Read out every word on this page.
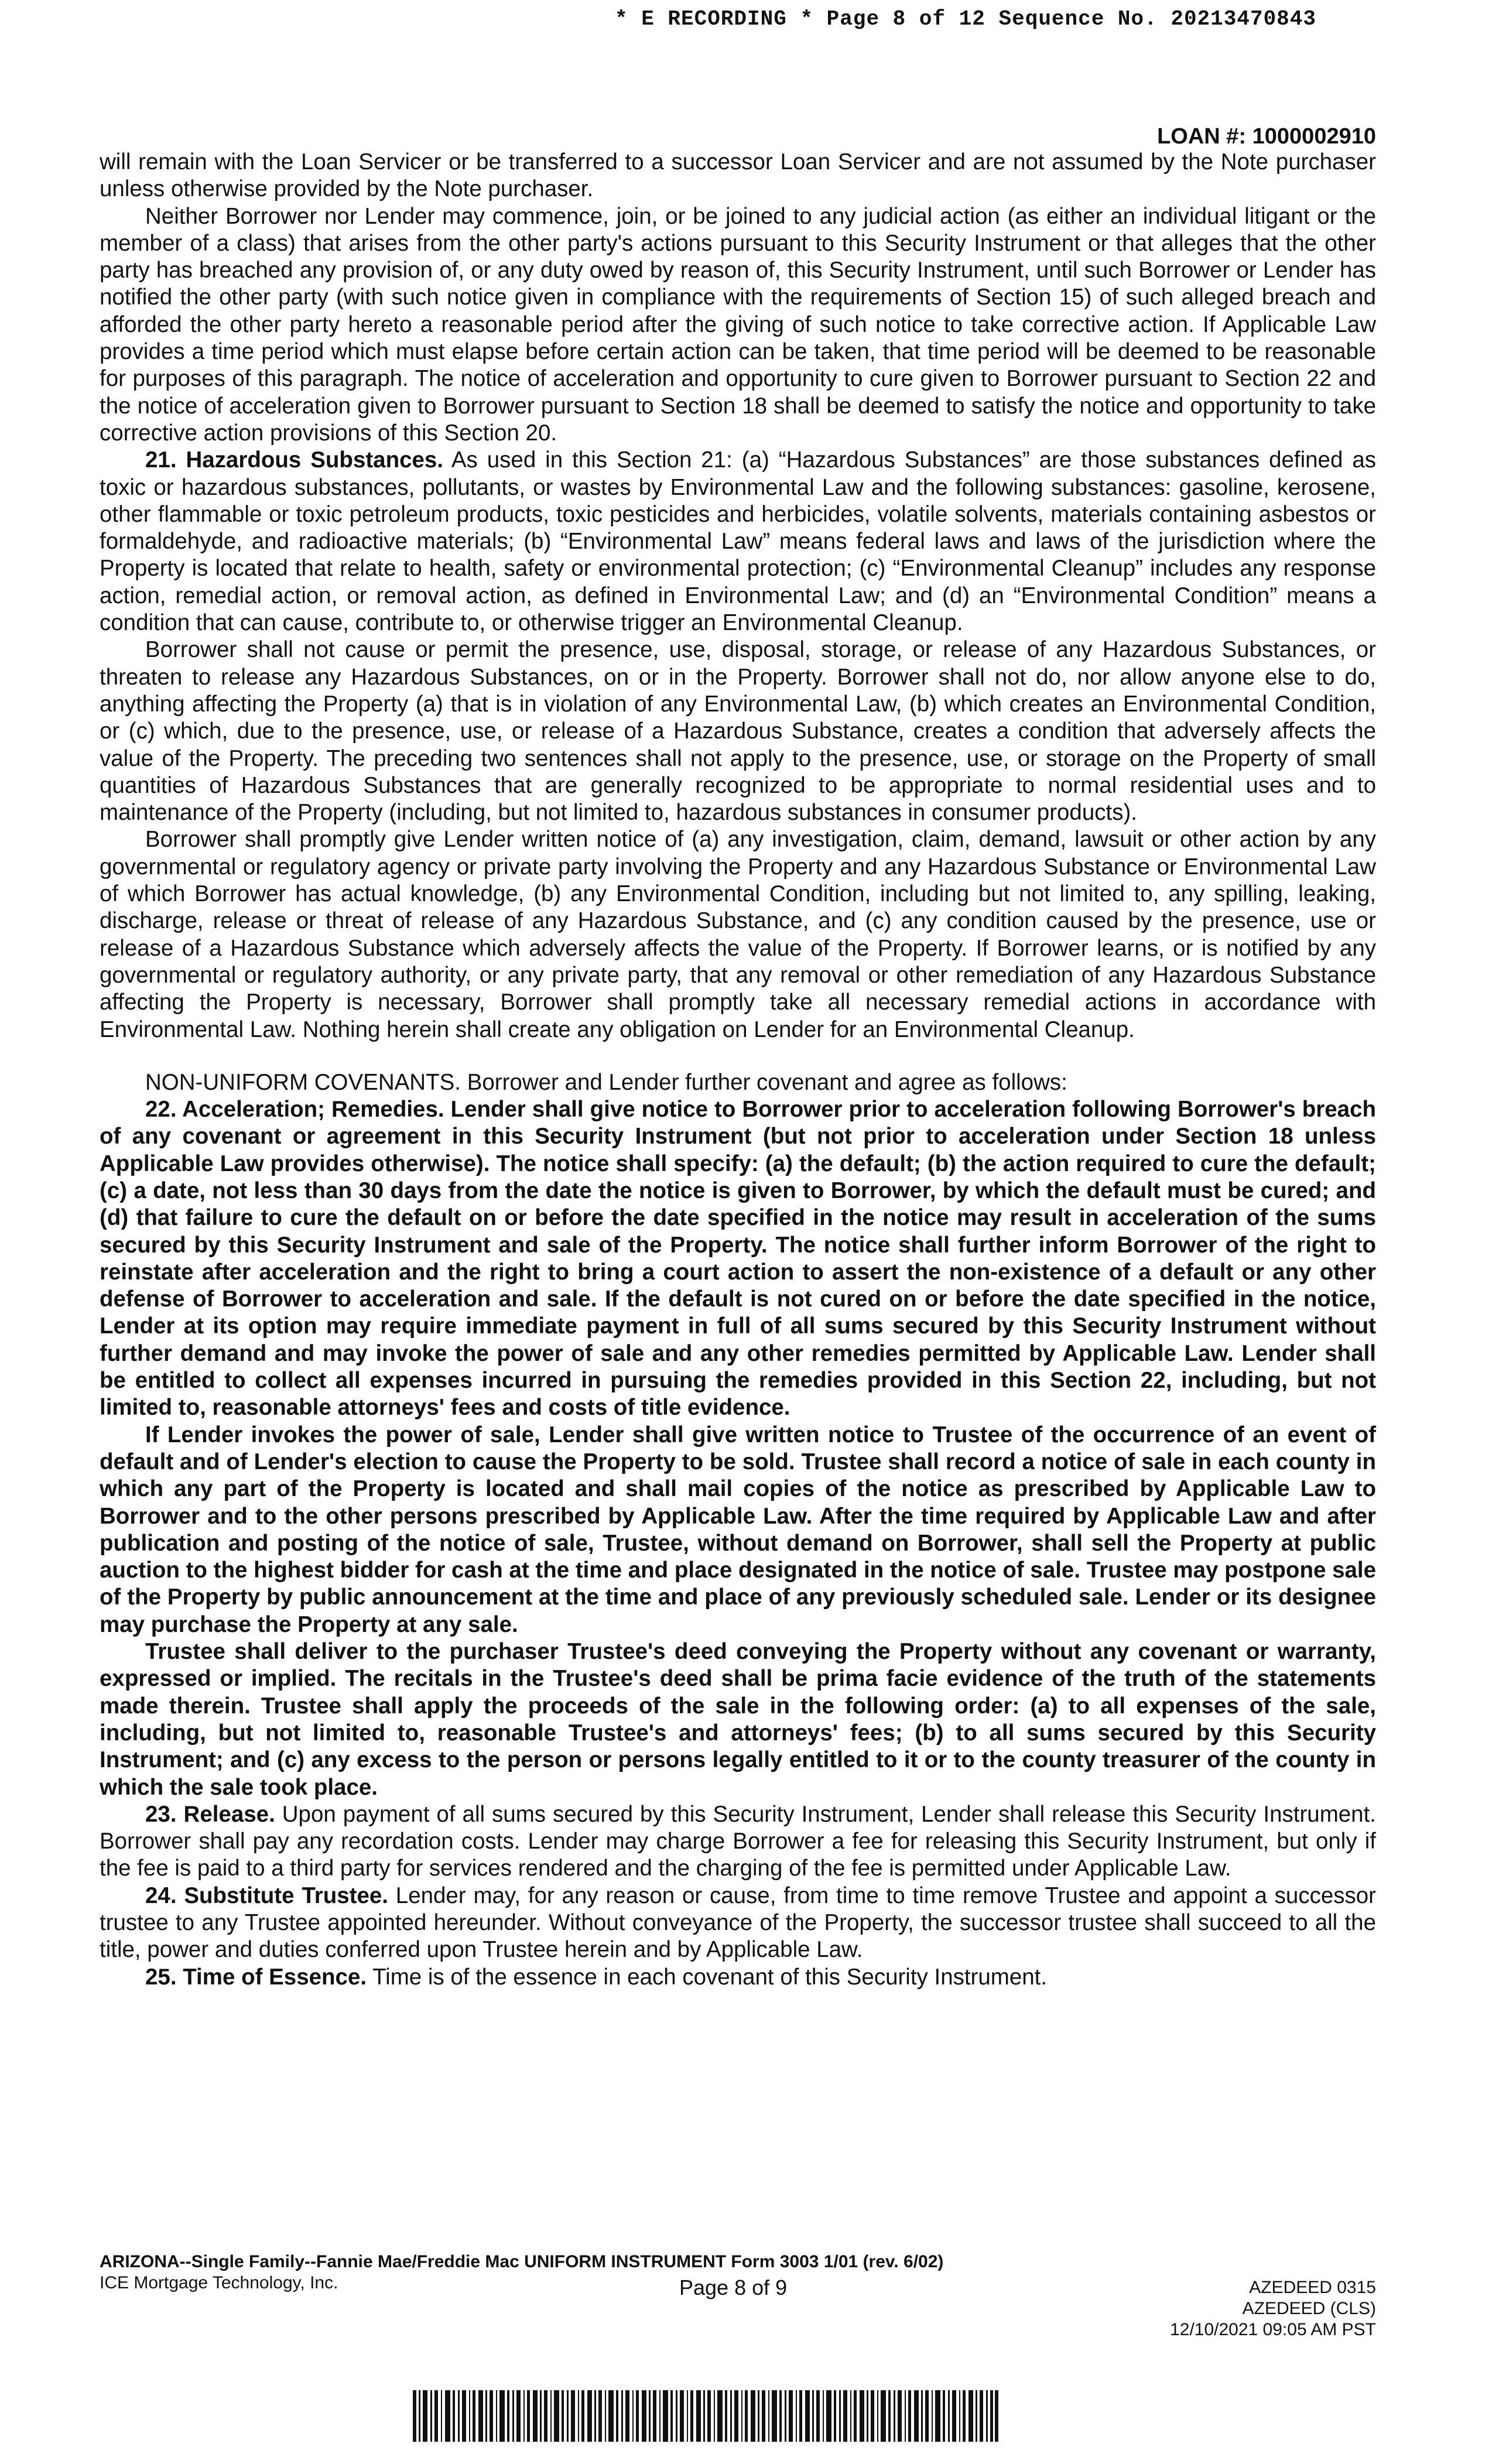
* E RECORDING * Page 8 of 12 Sequence No. 20213470843
LOAN #: 1000002910

will remain with the Loan Servicer or be transferred to a successor Loan Servicer and are not assumed by the Note purchaser unless otherwise provided by the Note purchaser.

Neither Borrower nor Lender may commence, join, or be joined to any judicial action (as either an individual litigant or the member of a class) that arises from the other party's actions pursuant to this Security Instrument or that alleges that the other party has breached any provision of, or any duty owed by reason of, this Security Instrument, until such Borrower or Lender has notified the other party (with such notice given in compliance with the requirements of Section 15) of such alleged breach and afforded the other party hereto a reasonable period after the giving of such notice to take corrective action. If Applicable Law provides a time period which must elapse before certain action can be taken, that time period will be deemed to be reasonable for purposes of this paragraph. The notice of acceleration and opportunity to cure given to Borrower pursuant to Section 22 and the notice of acceleration given to Borrower pursuant to Section 18 shall be deemed to satisfy the notice and opportunity to take corrective action provisions of this Section 20.

21. Hazardous Substances. As used in this Section 21: (a) “Hazardous Substances” are those substances defined as toxic or hazardous substances, pollutants, or wastes by Environmental Law and the following substances: gasoline, kerosene, other flammable or toxic petroleum products, toxic pesticides and herbicides, volatile solvents, materials containing asbestos or formaldehyde, and radioactive materials; (b) “Environmental Law” means federal laws and laws of the jurisdiction where the Property is located that relate to health, safety or environmental protection; (c) “Environmental Cleanup” includes any response action, remedial action, or removal action, as defined in Environmental Law; and (d) an “Environmental Condition” means a condition that can cause, contribute to, or otherwise trigger an Environmental Cleanup.

Borrower shall not cause or permit the presence, use, disposal, storage, or release of any Hazardous Substances, or threaten to release any Hazardous Substances, on or in the Property. Borrower shall not do, nor allow anyone else to do, anything affecting the Property (a) that is in violation of any Environmental Law, (b) which creates an Environmental Condition, or (c) which, due to the presence, use, or release of a Hazardous Substance, creates a condition that adversely affects the value of the Property. The preceding two sentences shall not apply to the presence, use, or storage on the Property of small quantities of Hazardous Substances that are generally recognized to be appropriate to normal residential uses and to maintenance of the Property (including, but not limited to, hazardous substances in consumer products).

Borrower shall promptly give Lender written notice of (a) any investigation, claim, demand, lawsuit or other action by any governmental or regulatory agency or private party involving the Property and any Hazardous Substance or Environmental Law of which Borrower has actual knowledge, (b) any Environmental Condition, including but not limited to, any spilling, leaking, discharge, release or threat of release of any Hazardous Substance, and (c) any condition caused by the presence, use or release of a Hazardous Substance which adversely affects the value of the Property. If Borrower learns, or is notified by any governmental or regulatory authority, or any private party, that any removal or other remediation of any Hazardous Substance affecting the Property is necessary, Borrower shall promptly take all necessary remedial actions in accordance with Environmental Law. Nothing herein shall create any obligation on Lender for an Environmental Cleanup.

NON-UNIFORM COVENANTS. Borrower and Lender further covenant and agree as follows:

22. Acceleration; Remedies. Lender shall give notice to Borrower prior to acceleration following Borrower's breach of any covenant or agreement in this Security Instrument (but not prior to acceleration under Section 18 unless Applicable Law provides otherwise). The notice shall specify: (a) the default; (b) the action required to cure the default; (c) a date, not less than 30 days from the date the notice is given to Borrower, by which the default must be cured; and (d) that failure to cure the default on or before the date specified in the notice may result in acceleration of the sums secured by this Security Instrument and sale of the Property. The notice shall further inform Borrower of the right to reinstate after acceleration and the right to bring a court action to assert the non-existence of a default or any other defense of Borrower to acceleration and sale. If the default is not cured on or before the date specified in the notice, Lender at its option may require immediate payment in full of all sums secured by this Security Instrument without further demand and may invoke the power of sale and any other remedies permitted by Applicable Law. Lender shall be entitled to collect all expenses incurred in pursuing the remedies provided in this Section 22, including, but not limited to, reasonable attorneys' fees and costs of title evidence.

If Lender invokes the power of sale, Lender shall give written notice to Trustee of the occurrence of an event of default and of Lender's election to cause the Property to be sold. Trustee shall record a notice of sale in each county in which any part of the Property is located and shall mail copies of the notice as prescribed by Applicable Law to Borrower and to the other persons prescribed by Applicable Law. After the time required by Applicable Law and after publication and posting of the notice of sale, Trustee, without demand on Borrower, shall sell the Property at public auction to the highest bidder for cash at the time and place designated in the notice of sale. Trustee may postpone sale of the Property by public announcement at the time and place of any previously scheduled sale. Lender or its designee may purchase the Property at any sale.

Trustee shall deliver to the purchaser Trustee's deed conveying the Property without any covenant or warranty, expressed or implied. The recitals in the Trustee's deed shall be prima facie evidence of the truth of the statements made therein. Trustee shall apply the proceeds of the sale in the following order: (a) to all expenses of the sale, including, but not limited to, reasonable Trustee's and attorneys' fees; (b) to all sums secured by this Security Instrument; and (c) any excess to the person or persons legally entitled to it or to the county treasurer of the county in which the sale took place.

23. Release. Upon payment of all sums secured by this Security Instrument, Lender shall release this Security Instrument. Borrower shall pay any recordation costs. Lender may charge Borrower a fee for releasing this Security Instrument, but only if the fee is paid to a third party for services rendered and the charging of the fee is permitted under Applicable Law.

24. Substitute Trustee. Lender may, for any reason or cause, from time to time remove Trustee and appoint a successor trustee to any Trustee appointed hereunder. Without conveyance of the Property, the successor trustee shall succeed to all the title, power and duties conferred upon Trustee herein and by Applicable Law.

25. Time of Essence. Time is of the essence in each covenant of this Security Instrument.

ARIZONA--Single Family--Fannie Mae/Freddie Mac UNIFORM INSTRUMENT Form 3003 1/01 (rev. 6/02)
ICE Mortgage Technology, Inc.	Page 8 of 9	AZEDEED 0315
AZEDEED (CLS)
12/10/2021 09:05 AM PST
